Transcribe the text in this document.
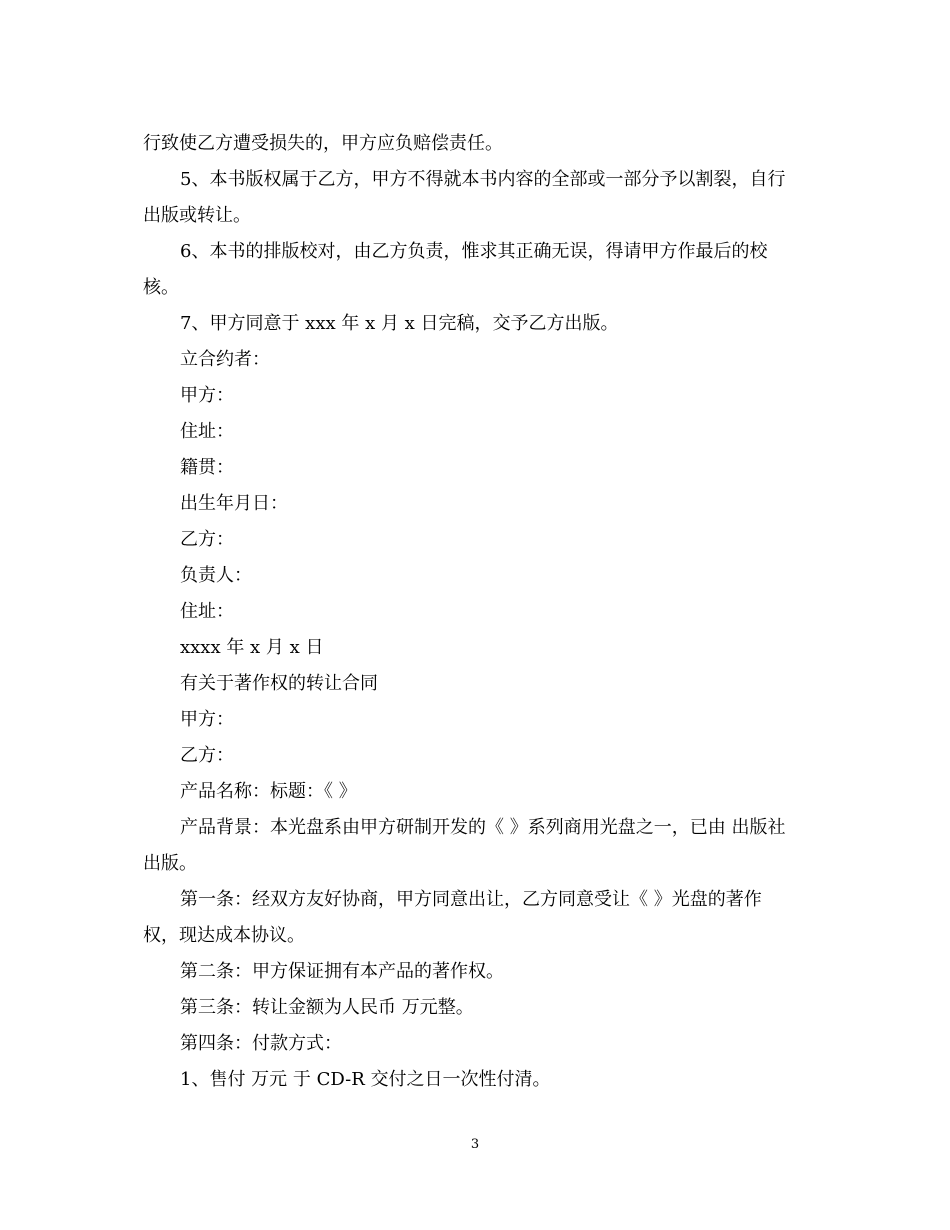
行致使乙方遭受损失的，甲方应负赔偿责任。

5、本书版权属于乙方，甲方不得就本书内容的全部或一部分予以割裂，自行

出版或转让。

6、本书的排版校对，由乙方负责，惟求其正确无误，得请甲方作最后的校

核。

7、甲方同意于 xxx 年 x 月 x 日完稿，交予乙方出版。

立合约者：

甲方：

住址：

籍贯：

出生年月日：

乙方：

负责人：

住址：

xxxx 年 x 月 x 日

有关于著作权的转让合同

甲方：

乙方：

产品名称：标题：《 》

产品背景：本光盘系由甲方研制开发的《 》系列商用光盘之一，已由 出版社

出版。

第一条：经双方友好协商，甲方同意出让，乙方同意受让《 》光盘的著作

权，现达成本协议。

第二条：甲方保证拥有本产品的著作权。

第三条：转让金额为人民币 万元整。

第四条：付款方式：

1、售付 万元 于 CD-R 交付之日一次性付清。

3
